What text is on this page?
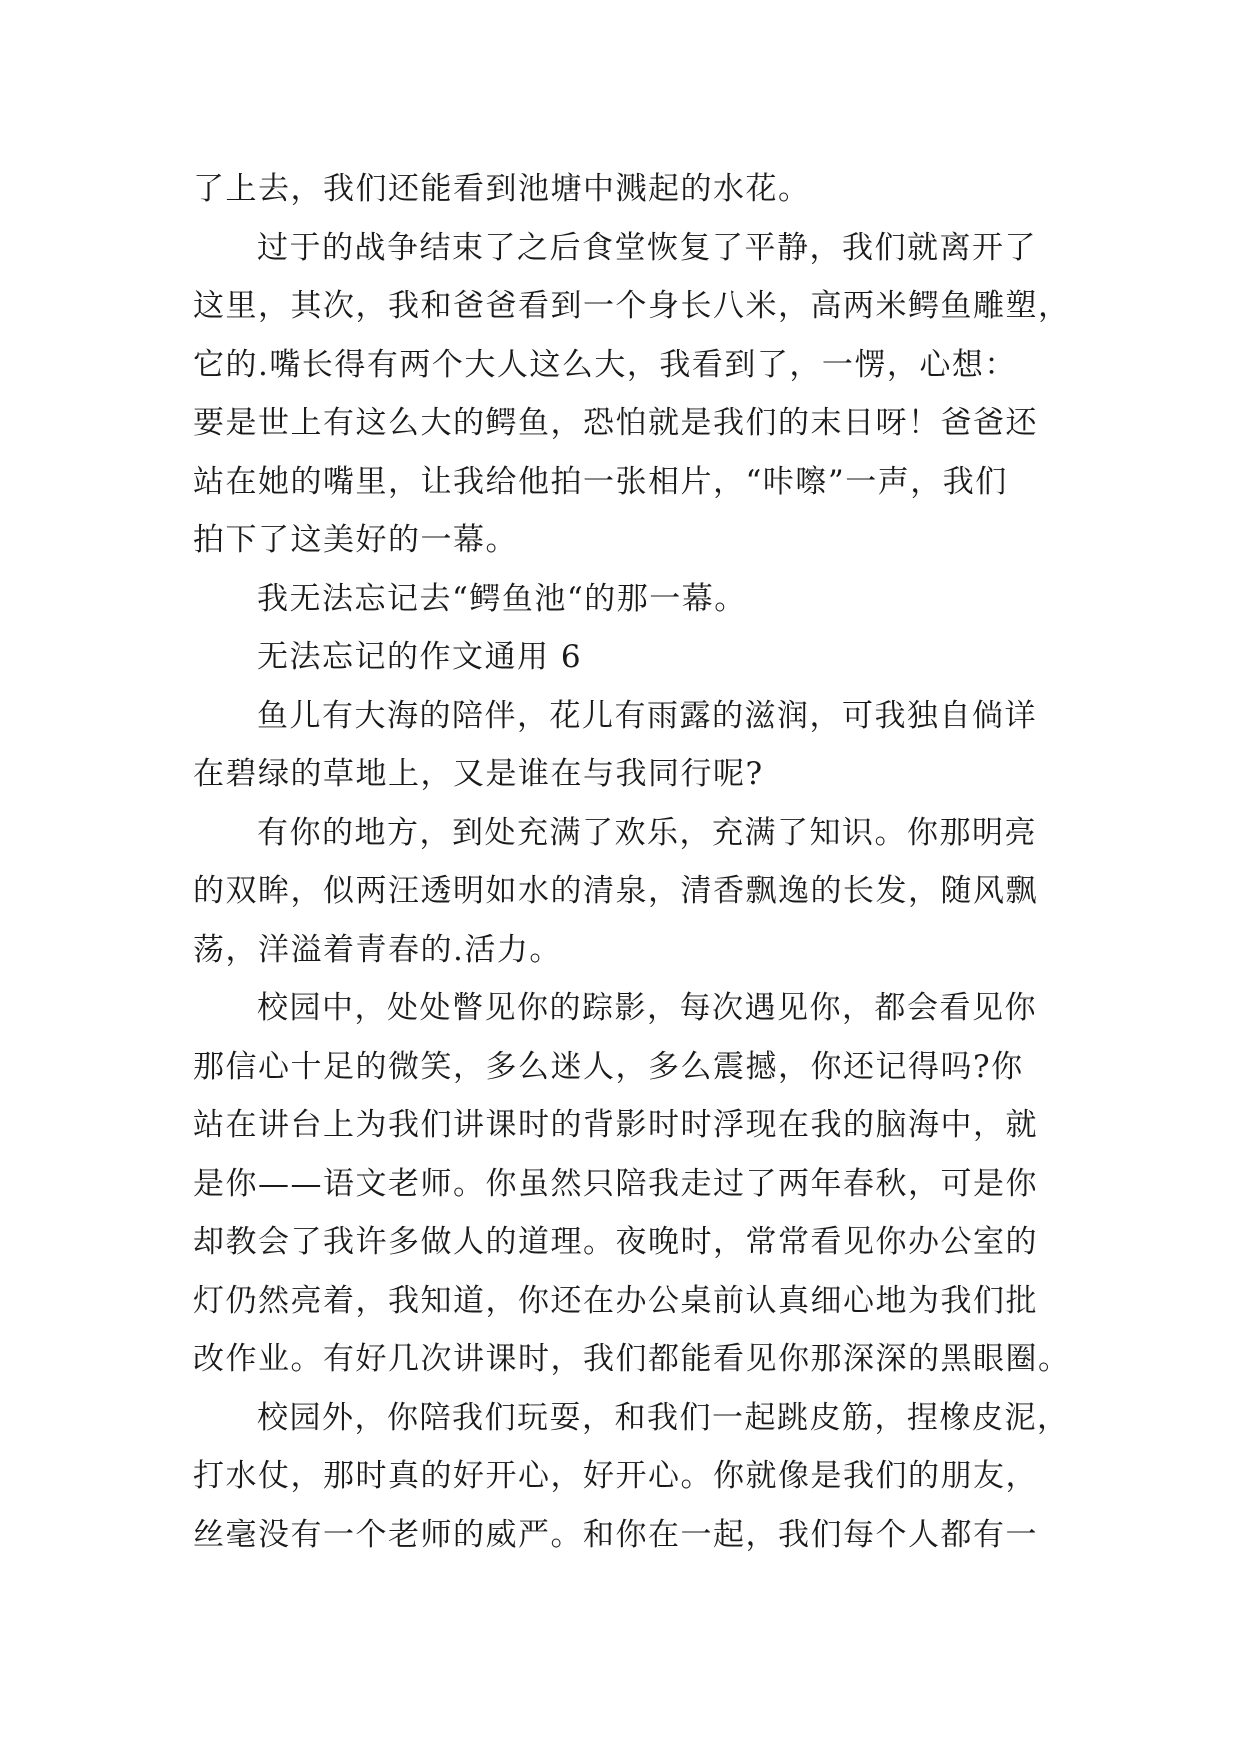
了上去，我们还能看到池塘中溅起的水花。
过于的战争结束了之后食堂恢复了平静，我们就离开了
这里，其次，我和爸爸看到一个身长八米，高两米鳄鱼雕塑，
它的.嘴长得有两个大人这么大，我看到了，一愣，心想：
要是世上有这么大的鳄鱼，恐怕就是我们的末日呀！爸爸还
站在她的嘴里，让我给他拍一张相片，“咔嚓”一声，我们
拍下了这美好的一幕。
我无法忘记去“鳄鱼池“的那一幕。
无法忘记的作文通用 6
鱼儿有大海的陪伴，花儿有雨露的滋润，可我独自倘详
在碧绿的草地上，又是谁在与我同行呢?
有你的地方，到处充满了欢乐，充满了知识。你那明亮
的双眸，似两汪透明如水的清泉，清香飘逸的长发，随风飘
荡，洋溢着青春的.活力。
校园中，处处瞥见你的踪影，每次遇见你，都会看见你
那信心十足的微笑，多么迷人，多么震撼，你还记得吗?你
站在讲台上为我们讲课时的背影时时浮现在我的脑海中，就
是你——语文老师。你虽然只陪我走过了两年春秋，可是你
却教会了我许多做人的道理。夜晚时，常常看见你办公室的
灯仍然亮着，我知道，你还在办公桌前认真细心地为我们批
改作业。有好几次讲课时，我们都能看见你那深深的黑眼圈。
校园外，你陪我们玩耍，和我们一起跳皮筋，捏橡皮泥，
打水仗，那时真的好开心，好开心。你就像是我们的朋友，
丝毫没有一个老师的威严。和你在一起，我们每个人都有一
